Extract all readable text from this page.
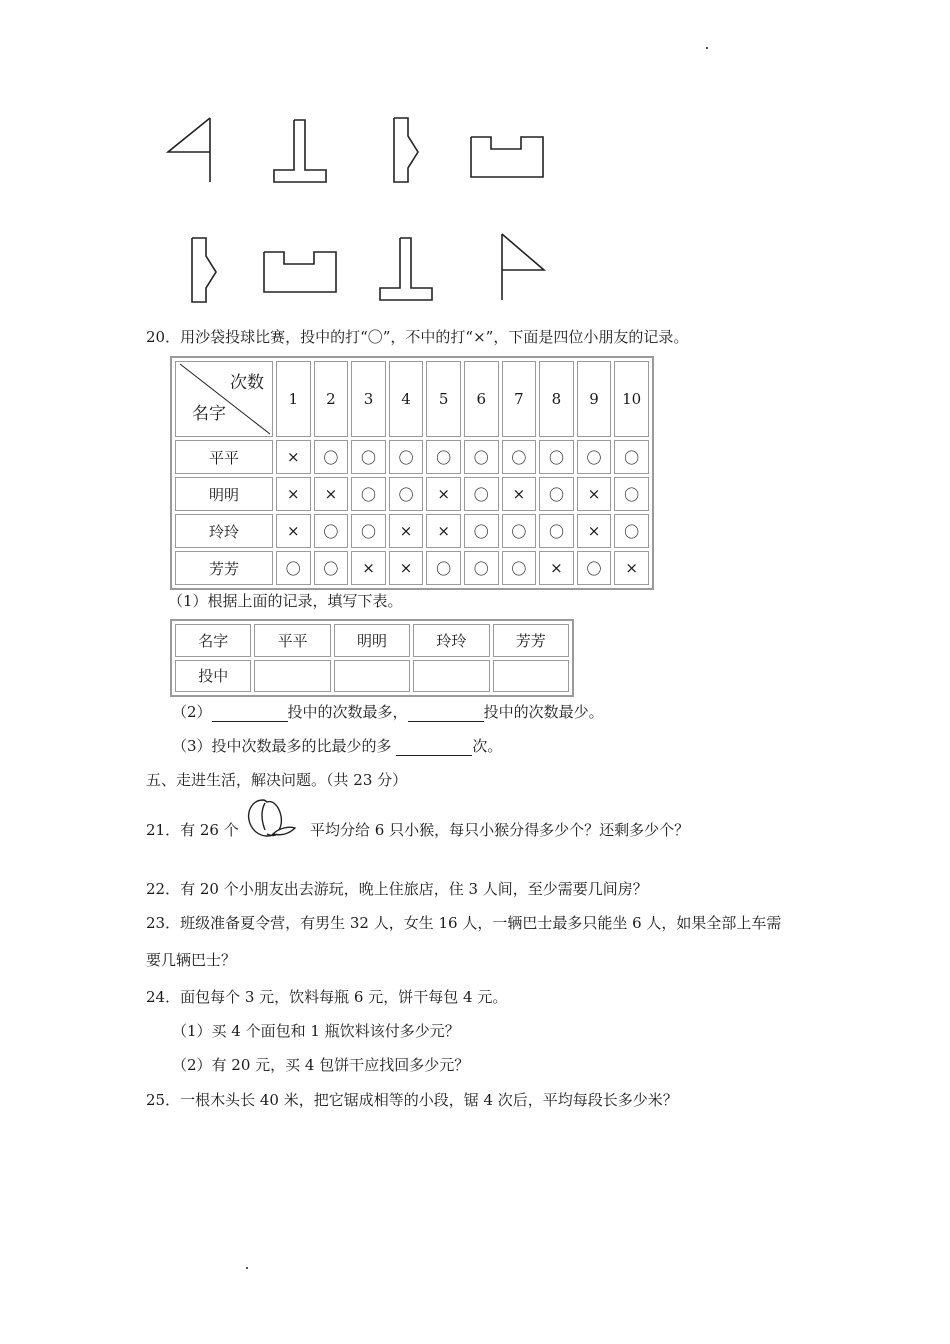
20．用沙袋投球比赛，投中的打“〇”，不中的打“×”，下面是四位小朋友的记录。
次数
名字	1	2	3	4	5	6	7	8	9	10
平平	×	〇	〇	〇	〇	〇	〇	〇	〇	〇
明明	×	×	〇	〇	×	〇	×	〇	×	〇
玲玲	×	〇	〇	×	×	〇	〇	〇	×	〇
芳芳	〇	〇	×	×	〇	〇	〇	×	〇	×
（1）根据上面的记录，填写下表。
名字	平平	明明	玲玲	芳芳
投中				
（2）	投中的次数最多，	投中的次数最少。
（3）投中次数最多的比最少的多	次。
五、走进生活，解决问题。（共 23 分）
21．有 26 个	平均分给 6 只小猴，每只小猴分得多少个？还剩多少个？
22．有 20 个小朋友出去游玩，晚上住旅店，住 3 人间，至少需要几间房？
23．班级准备夏令营，有男生 32 人，女生 16 人，一辆巴士最多只能坐 6 人，如果全部上车需
要几辆巴士？
24．面包每个 3 元，饮料每瓶 6 元，饼干每包 4 元。
（1）买 4 个面包和 1 瓶饮料该付多少元？
（2）有 20 元，买 4 包饼干应找回多少元？
25．一根木头长 40 米，把它锯成相等的小段，锯 4 次后，平均每段长多少米？
